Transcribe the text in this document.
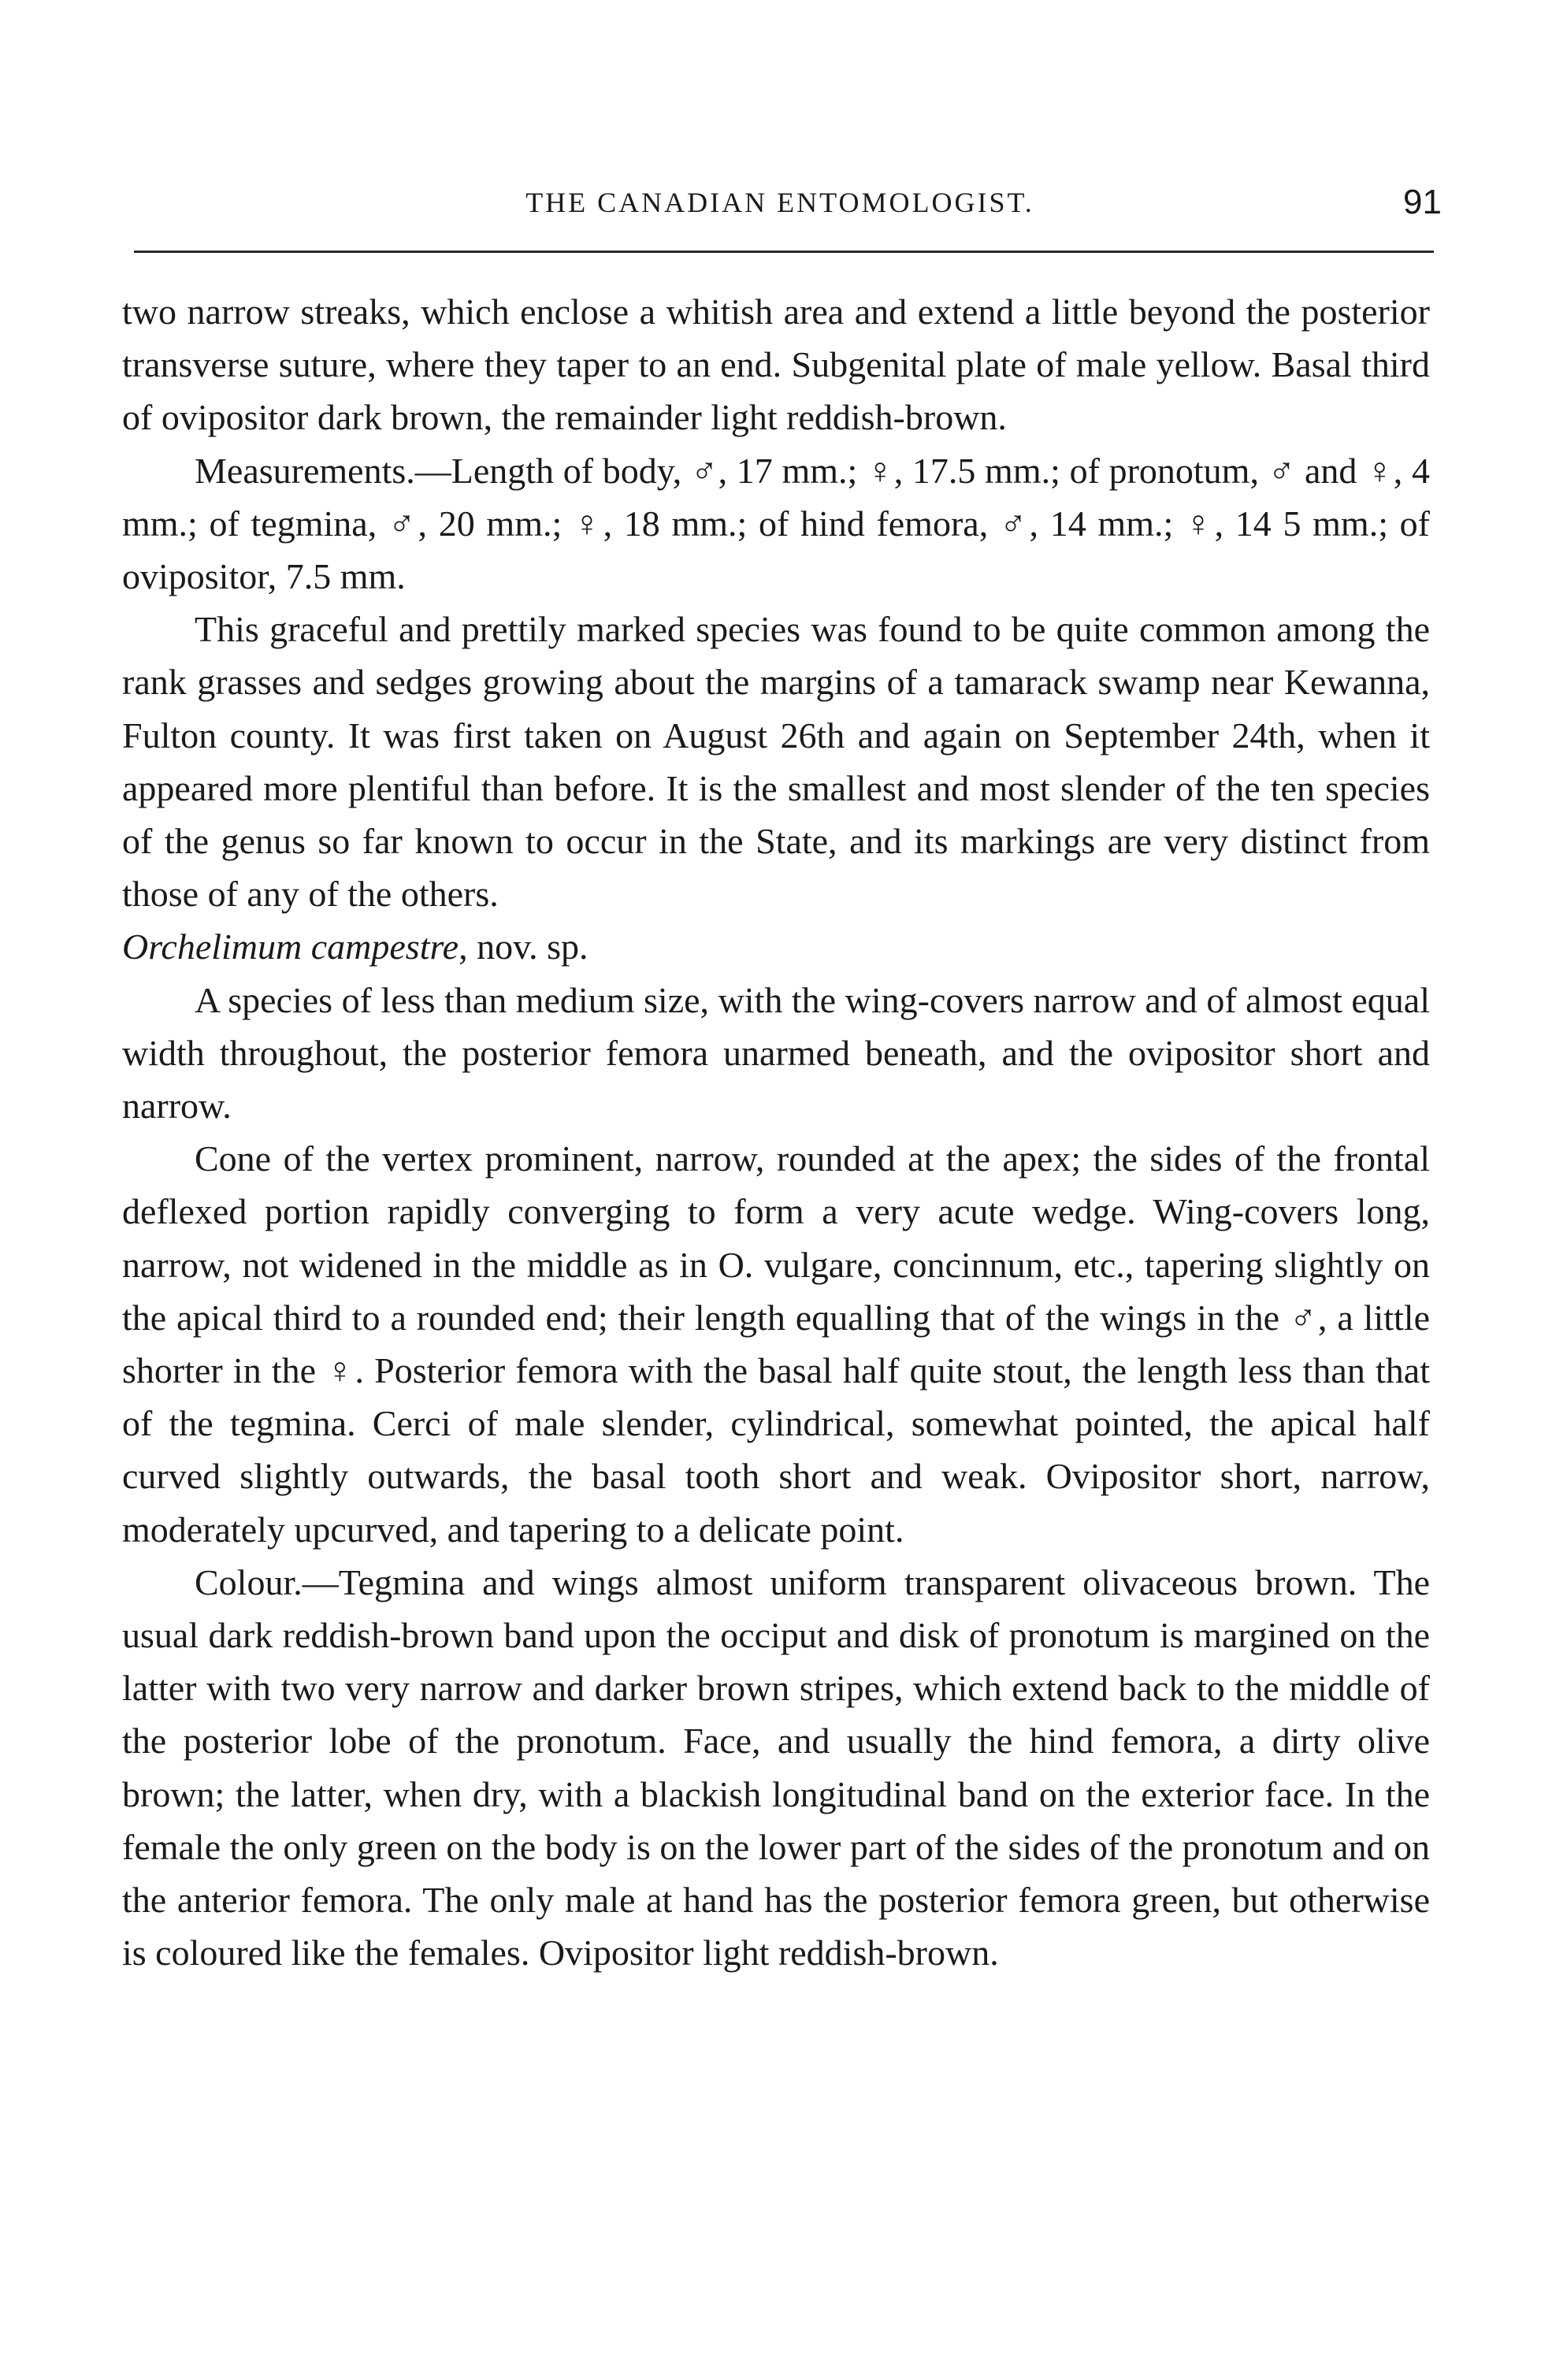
THE CANADIAN ENTOMOLOGIST.	91

two narrow streaks, which enclose a whitish area and extend a little beyond the posterior transverse suture, where they taper to an end. Subgenital plate of male yellow. Basal third of ovipositor dark brown, the remainder light reddish-brown.

Measurements.—Length of body, ♂, 17 mm.; ♀, 17.5 mm.; of pronotum, ♂ and ♀, 4 mm.; of tegmina, ♂, 20 mm.; ♀, 18 mm.; of hind femora, ♂, 14 mm.; ♀, 14 5 mm.; of ovipositor, 7.5 mm.

This graceful and prettily marked species was found to be quite common among the rank grasses and sedges growing about the margins of a tamarack swamp near Kewanna, Fulton county. It was first taken on August 26th and again on September 24th, when it appeared more plentiful than before. It is the smallest and most slender of the ten species of the genus so far known to occur in the State, and its markings are very distinct from those of any of the others.

Orchelimum campestre, nov. sp.

A species of less than medium size, with the wing-covers narrow and of almost equal width throughout, the posterior femora unarmed beneath, and the ovipositor short and narrow.

Cone of the vertex prominent, narrow, rounded at the apex; the sides of the frontal deflexed portion rapidly converging to form a very acute wedge. Wing-covers long, narrow, not widened in the middle as in O. vulgare, concinnum, etc., tapering slightly on the apical third to a rounded end; their length equalling that of the wings in the ♂, a little shorter in the ♀. Posterior femora with the basal half quite stout, the length less than that of the tegmina. Cerci of male slender, cylindrical, somewhat pointed, the apical half curved slightly outwards, the basal tooth short and weak. Ovipositor short, narrow, moderately upcurved, and tapering to a delicate point.

Colour.—Tegmina and wings almost uniform transparent olivaceous brown. The usual dark reddish-brown band upon the occiput and disk of pronotum is margined on the latter with two very narrow and darker brown stripes, which extend back to the middle of the posterior lobe of the pronotum. Face, and usually the hind femora, a dirty olive brown; the latter, when dry, with a blackish longitudinal band on the exterior face. In the female the only green on the body is on the lower part of the sides of the pronotum and on the anterior femora. The only male at hand has the posterior femora green, but otherwise is coloured like the females. Ovipositor light reddish-brown.
